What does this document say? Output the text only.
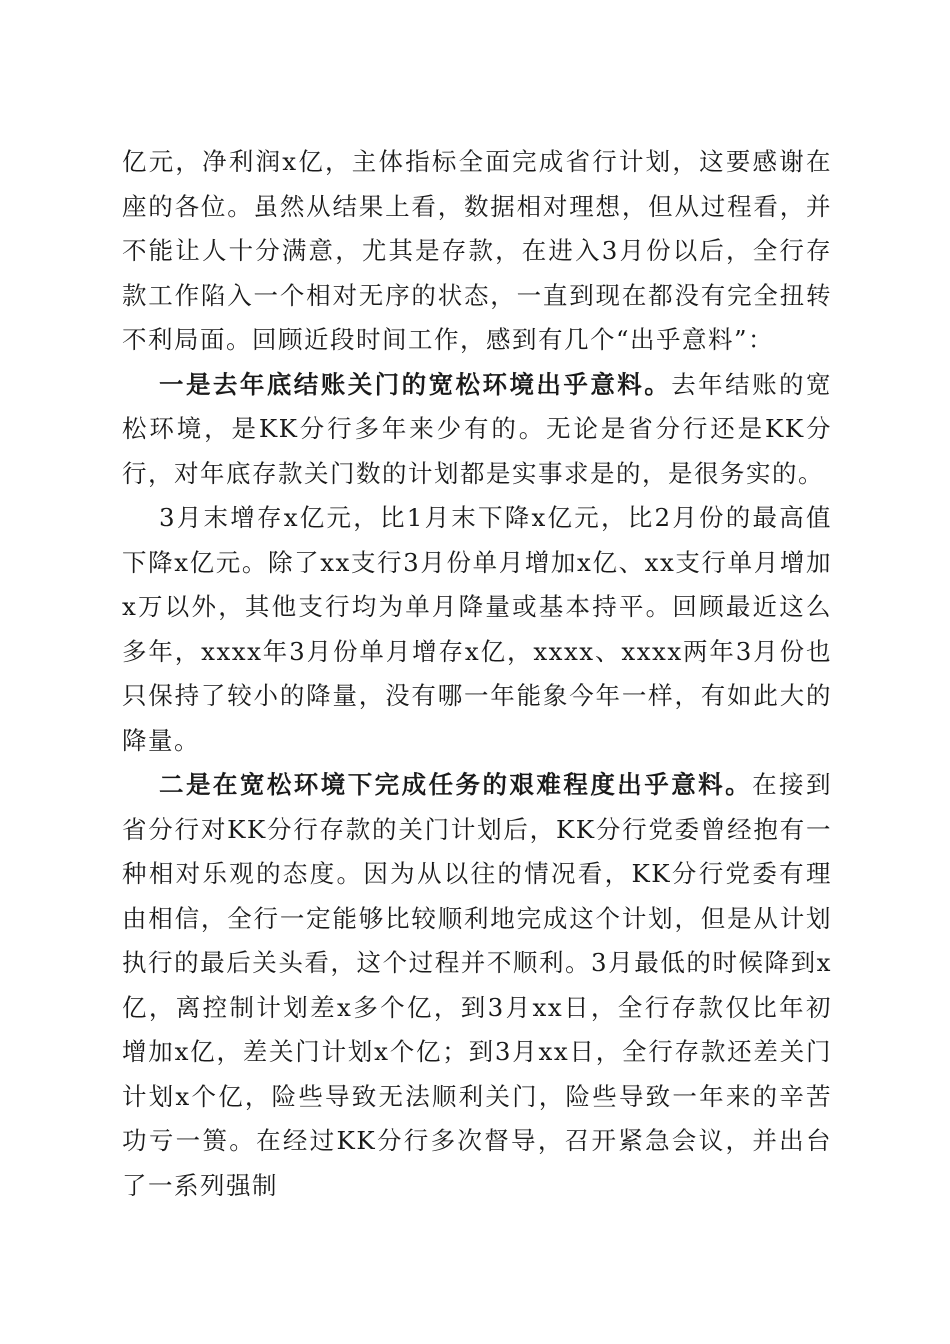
亿元，净利润x亿，主体指标全面完成省行计划，这要感谢在座的各位。虽然从结果上看，数据相对理想，但从过程看，并不能让人十分满意，尤其是存款，在进入3月份以后，全行存款工作陷入一个相对无序的状态，一直到现在都没有完全扭转不利局面。回顾近段时间工作，感到有几个“出乎意料”：

一是去年底结账关门的宽松环境出乎意料。去年结账的宽松环境，是KK分行多年来少有的。无论是省分行还是KK分行，对年底存款关门数的计划都是实事求是的，是很务实的。

3月末增存x亿元，比1月末下降x亿元，比2月份的最高值下降x亿元。除了xx支行3月份单月增加x亿、xx支行单月增加x万以外，其他支行均为单月降量或基本持平。回顾最近这么多年，xxxx年3月份单月增存x亿，xxxx、xxxx两年3月份也只保持了较小的降量，没有哪一年能象今年一样，有如此大的降量。

二是在宽松环境下完成任务的艰难程度出乎意料。在接到省分行对KK分行存款的关门计划后，KK分行党委曾经抱有一种相对乐观的态度。因为从以往的情况看，KK分行党委有理由相信，全行一定能够比较顺利地完成这个计划，但是从计划执行的最后关头看，这个过程并不顺利。3月最低的时候降到x亿，离控制计划差x多个亿，到3月xx日，全行存款仅比年初增加x亿，差关门计划x个亿；到3月xx日，全行存款还差关门计划x个亿，险些导致无法顺利关门，险些导致一年来的辛苦功亏一篑。在经过KK分行多次督导，召开紧急会议，并出台了一系列强制
